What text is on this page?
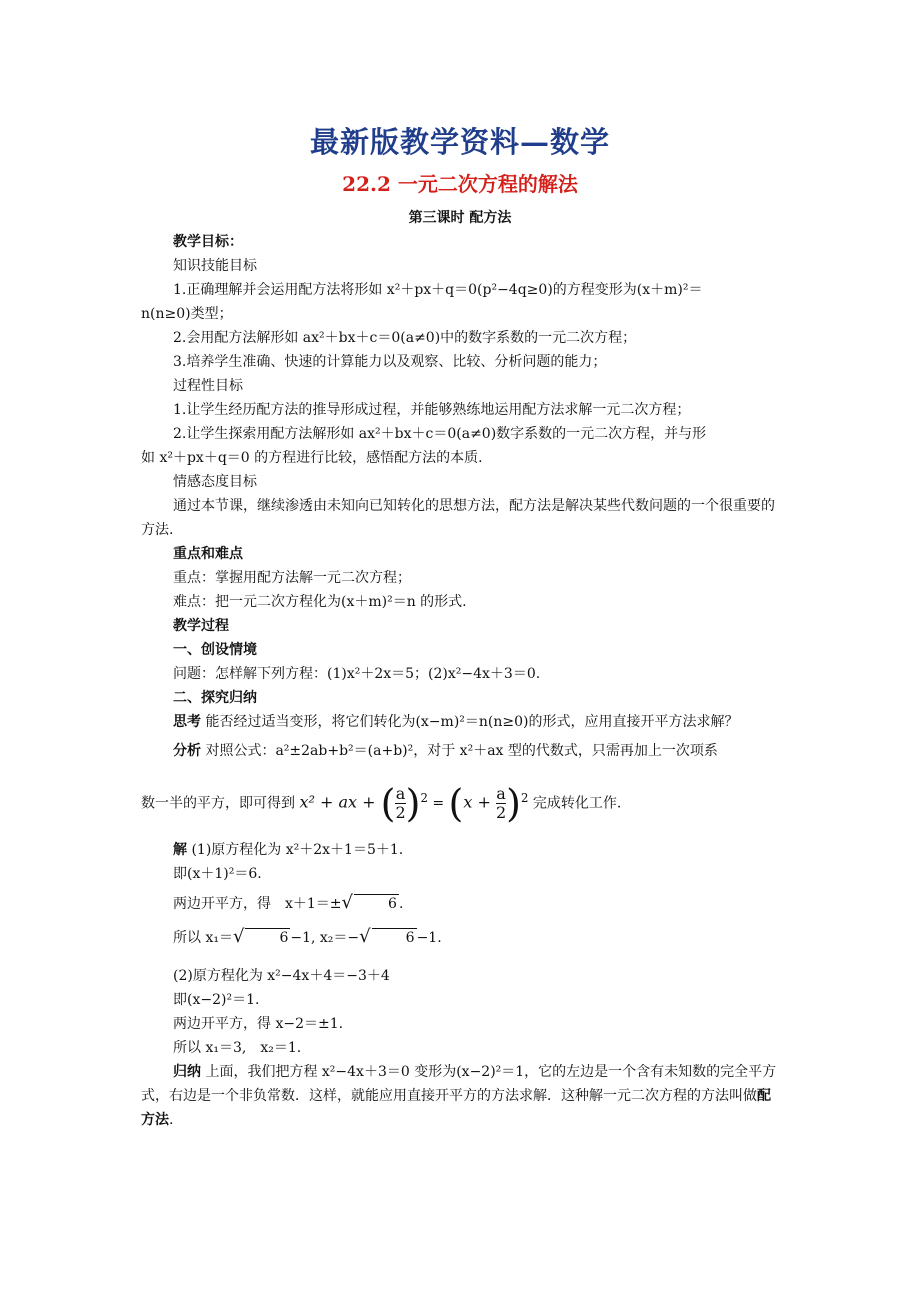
最新版教学资料—数学
22.2 一元二次方程的解法
第三课时 配方法
教学目标：
知识技能目标
1.正确理解并会运用配方法将形如 x²＋px＋q＝0(p²−4q≥0)的方程变形为(x＋m)²＝
n(n≥0)类型；
2.会用配方法解形如 ax²＋bx＋c＝0(a≠0)中的数字系数的一元二次方程；
3.培养学生准确、快速的计算能力以及观察、比较、分析问题的能力；
过程性目标
1.让学生经历配方法的推导形成过程，并能够熟练地运用配方法求解一元二次方程；
2.让学生探索用配方法解形如 ax²＋bx＋c＝0(a≠0)数字系数的一元二次方程，并与形
如 x²＋px＋q＝0 的方程进行比较，感悟配方法的本质.
情感态度目标
通过本节课，继续渗透由未知向已知转化的思想方法，配方法是解决某些代数问题的一个很重要的方法.
重点和难点
重点：掌握用配方法解一元二次方程；
难点：把一元二次方程化为(x＋m)²＝n 的形式.
教学过程
一、创设情境
问题：怎样解下列方程：(1)x²＋2x＝5；(2)x²−4x＋3＝0.
二、探究归纳
思考 能否经过适当变形，将它们转化为(x−m)²＝n(n≥0)的形式，应用直接开平方法求解？
分析 对照公式：a²±2ab+b²＝(a+b)²，对于 x²＋ax 型的代数式，只需再加上一次项系
数一半的平方，即可得到 x² + ax + ( $\frac{a}{2} )^2 = (x + \frac{a}{2} )^2$ 完成转化工作.
解 (1)原方程化为 x²＋2x＋1＝5＋1.
即(x＋1)²＝6.
两边开平方，得　x＋1＝±√	6 .
所以 x₁＝√	6 −1, x₂＝−√	6 −1.
(2)原方程化为 x²−4x＋4＝−3＋4
即(x−2)²＝1.
两边开平方，得 x−2＝±1.
所以 x₁＝3,　x₂＝1.
归纳 上面，我们把方程 x²−4x＋3＝0 变形为(x−2)²＝1，它的左边是一个含有未知数的完全平方式，右边是一个非负常数．这样，就能应用直接开平方的方法求解．这种解一元二次方程的方法叫做配方法.
